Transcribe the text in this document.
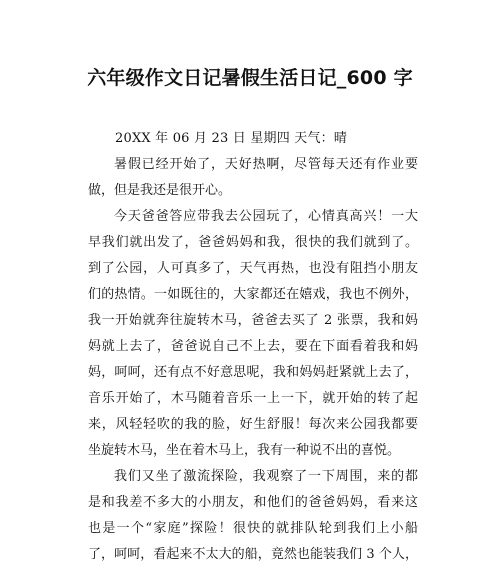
六年级作文日记暑假生活日记_600 字
20XX 年 06 月 23 日 星期四 天气：晴
暑假已经开始了，天好热啊，尽管每天还有作业要
做，但是我还是很开心。
今天爸爸答应带我去公园玩了，心情真高兴！一大
早我们就出发了，爸爸妈妈和我，很快的我们就到了。
到了公园，人可真多了，天气再热，也没有阻挡小朋友
们的热情。一如既往的，大家都还在嬉戏，我也不例外，
我一开始就奔往旋转木马，爸爸去买了 2 张票，我和妈
妈就上去了，爸爸说自己不上去，要在下面看着我和妈
妈，呵呵，还有点不好意思呢，我和妈妈赶紧就上去了，
音乐开始了，木马随着音乐一上一下，就开始的转了起
来，风轻轻吹的我的脸，好生舒服！每次来公园我都要
坐旋转木马，坐在着木马上，我有一种说不出的喜悦。
我们又坐了激流探险，我观察了一下周围，来的都
是和我差不多大的小朋友，和他们的爸爸妈妈，看来这
也是一个“家庭”探险！很快的就排队轮到我们上小船
了，呵呵，看起来不太大的船，竟然也能装我们 3 个人，
